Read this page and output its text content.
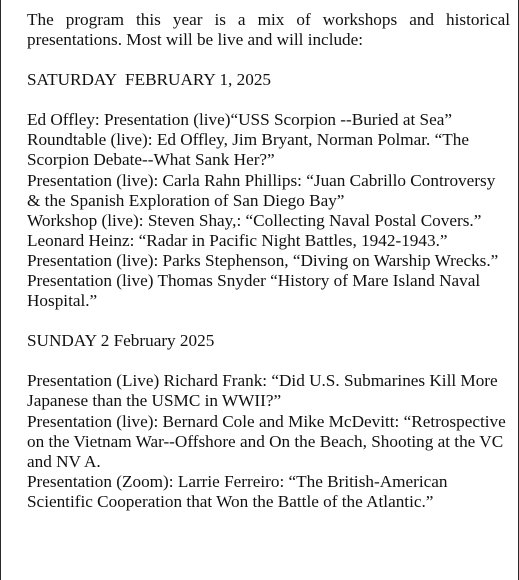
The program this year is a mix of workshops and historical presentations. Most will be live and will include:

SATURDAY  FEBRUARY 1, 2025

Ed Offley: Presentation (live)“USS Scorpion --Buried at Sea”

Roundtable (live): Ed Offley, Jim Bryant, Norman Polmar. “The Scorpion Debate--What Sank Her?”

Presentation (live): Carla Rahn Phillips: “Juan Cabrillo Controversy & the Spanish Exploration of San Diego Bay”

Workshop (live): Steven Shay,: “Collecting Naval Postal Covers.”

Leonard Heinz: “Radar in Pacific Night Battles, 1942-1943.”

Presentation (live): Parks Stephenson, “Diving on Warship Wrecks.”

Presentation (live) Thomas Snyder “History of Mare Island Naval Hospital.”

SUNDAY 2 February 2025

Presentation (Live) Richard Frank: “Did U.S. Submarines Kill More Japanese than the USMC in WWII?”

Presentation (live): Bernard Cole and Mike McDevitt: “Retrospective on the Vietnam War--Offshore and On the Beach, Shooting at the VC and NV A.

Presentation (Zoom): Larrie Ferreiro: “The British-American Scientific Cooperation that Won the Battle of the Atlantic.”
